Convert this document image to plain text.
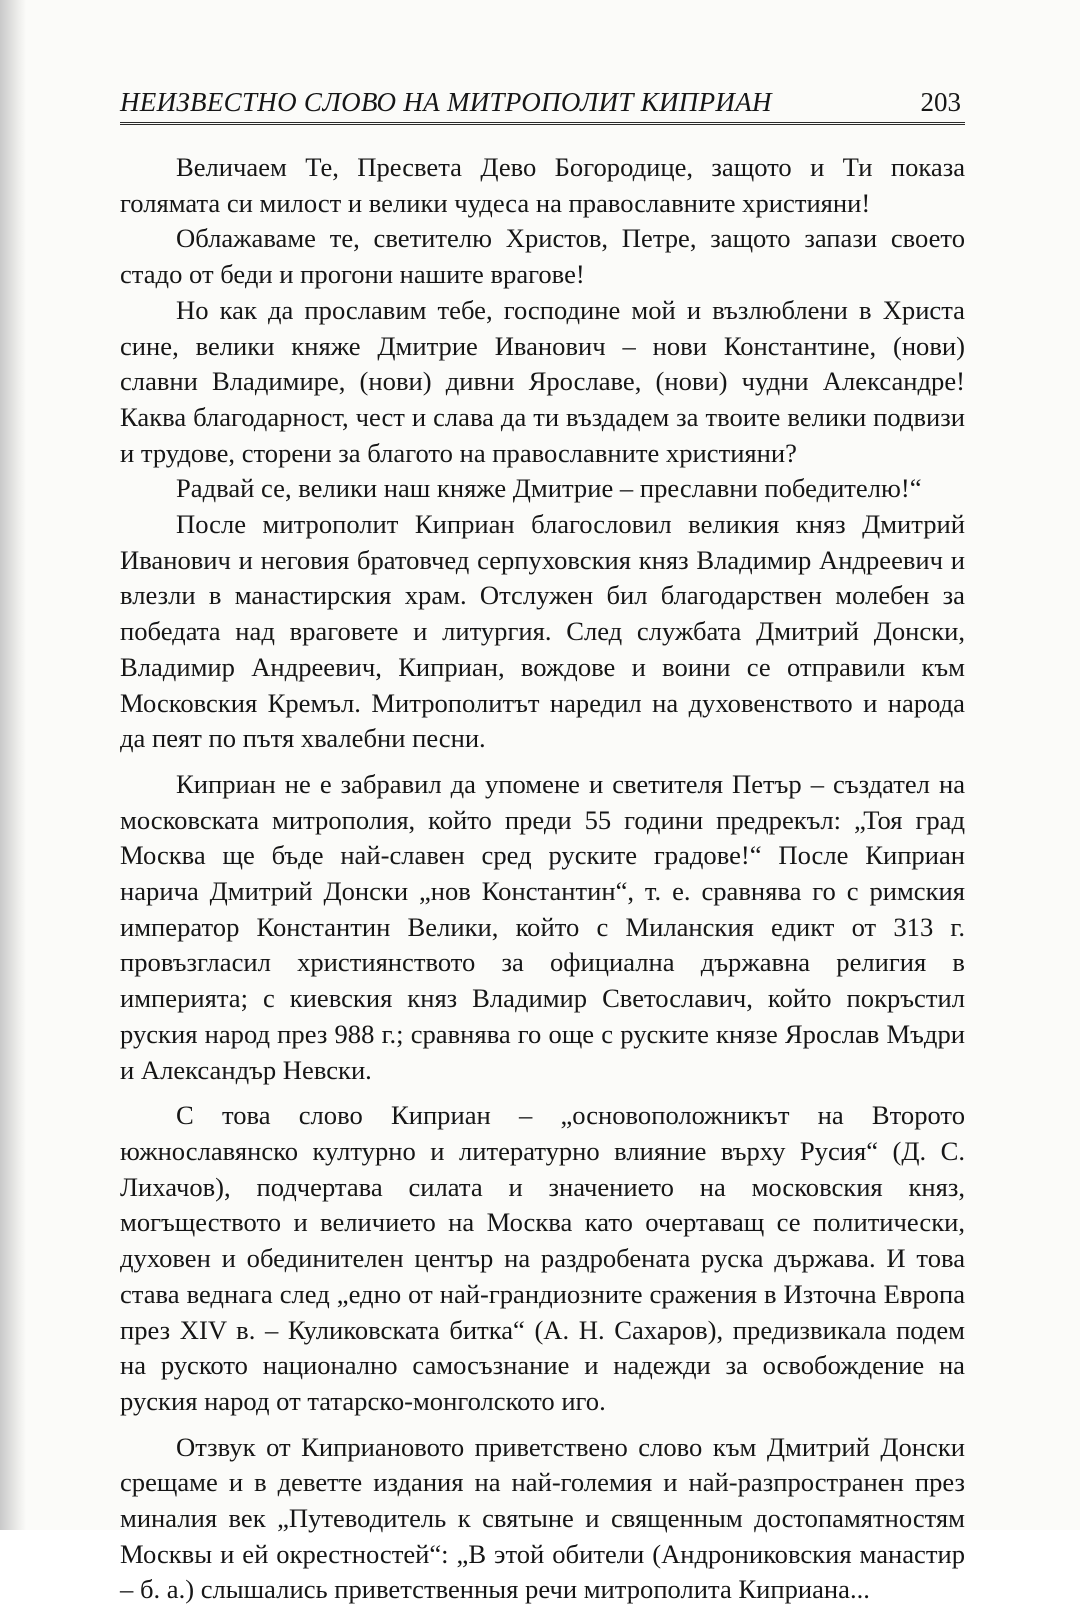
НЕИЗВЕСТНО СЛОВО НА МИТРОПОЛИТ КИПРИАН	203

Величаем Те, Пресвета Дево Богородице, защото и Ти показа голямата си милост и велики чудеса на православните християни!

Облажаваме те, светителю Христов, Петре, защото запази своето стадо от беди и прогони нашите врагове!

Но как да прославим тебе, господине мой и възлюблени в Христа сине, велики княже Дмитрие Иванович – нови Константине, (нови) славни Владимире, (нови) дивни Ярославе, (нови) чудни Александре! Каква благодарност, чест и слава да ти въздадем за твоите велики подвизи и трудове, сторени за благото на православните християни?

Радвай се, велики наш княже Дмитрие – преславни победителю!“

После митрополит Киприан благословил великия княз Дмитрий Иванович и неговия братовчед серпуховския княз Владимир Андреевич и влезли в манастирския храм. Отслужен бил благодарствен молебен за победата над враговете и литургия. След службата Дмитрий Донски, Владимир Андреевич, Киприан, вождове и воини се отправили към Московския Кремъл. Митрополитът наредил на духовенството и народа да пеят по пътя хвалебни песни.

Киприан не е забравил да упомене и светителя Петър – създател на московската митрополия, който преди 55 години предрекъл: „Тоя град Москва ще бъде най-славен сред руските градове!“ После Киприан нарича Дмитрий Донски „нов Константин“, т. е. сравнява го с римския император Константин Велики, който с Миланския едикт от 313 г. провъзгласил християнството за официална държавна религия в империята; с киевския княз Владимир Светославич, който покръстил руския народ през 988 г.; сравнява го още с руските князе Ярослав Мъдри и Александър Невски.

С това слово Киприан – „основоположникът на Второто южнославянско културно и литературно влияние върху Русия“ (Д. С. Лихачов), подчертава силата и значението на московския княз, могъществото и величието на Москва като очертаващ се политически, духовен и обединителен център на раздробената руска държава. И това става веднага след „едно от най-грандиозните сражения в Източна Европа през XIV в. – Куликовската битка“ (А. Н. Сахаров), предизвикала подем на руското национално самосъзнание и надежди за освобождение на руския народ от татарско-монголското иго.

Отзвук от Киприановото приветствено слово към Дмитрий Донски срещаме и в деветте издания на най-големия и най-разпространен през миналия век „Путеводитель к святыне и священным достопамятностям Москвы и ей окрестностей“: „В этой обители (Андрониковския манастир – б. а.) слышались приветственныя речи митрополита Киприана...
